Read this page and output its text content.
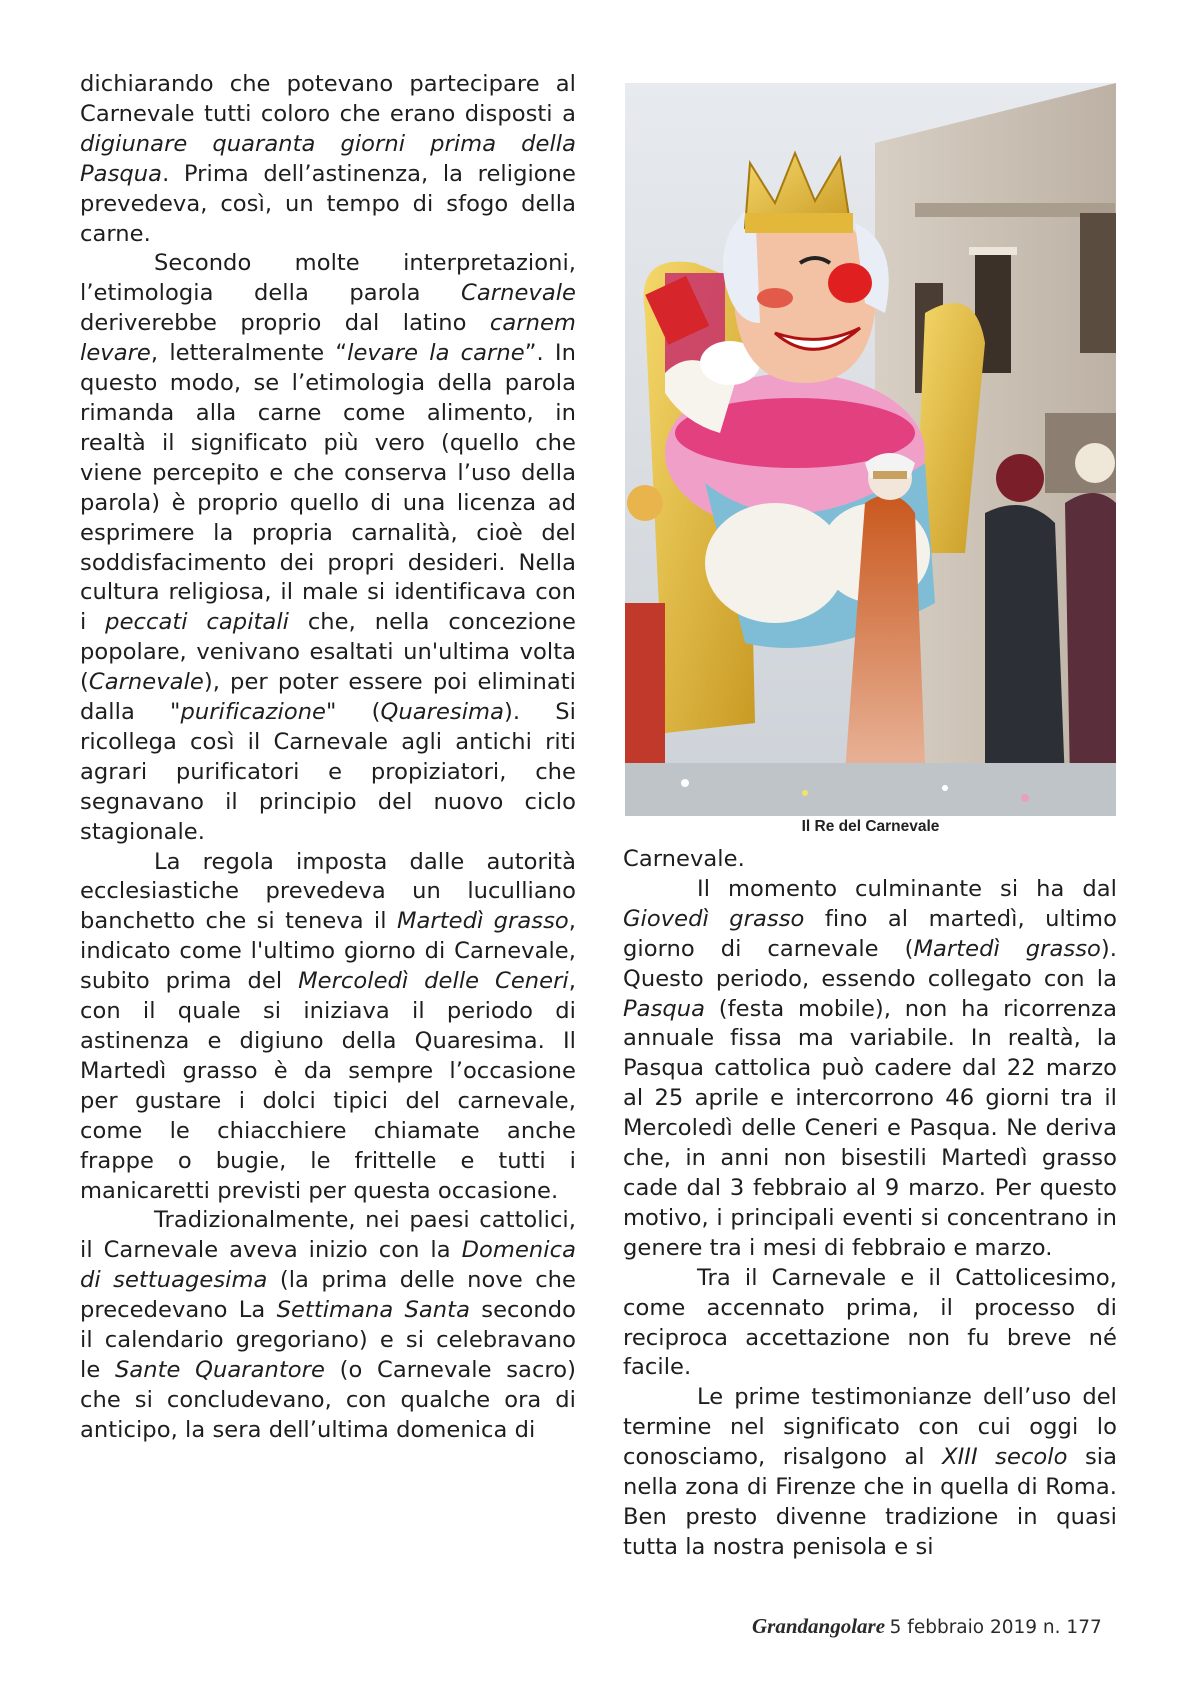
dichiarando che potevano partecipare al Carnevale tutti coloro che erano disposti a digiunare quaranta giorni prima della Pasqua. Prima dell’astinenza, la religione prevedeva, così, un tempo di sfogo della carne.

Secondo molte interpretazioni, l’etimologia della parola Carnevale deriverebbe proprio dal latino carnem levare, letteralmente “levare la carne”. In questo modo, se l’etimologia della parola rimanda alla carne come alimento, in realtà il significato più vero (quello che viene percepito e che conserva l’uso della parola) è proprio quello di una licenza ad esprimere la propria carnalità, cioè del soddisfacimento dei propri desideri. Nella cultura religiosa, il male si identificava con i peccati capitali che, nella concezione popolare, venivano esaltati un'ultima volta (Carnevale), per poter essere poi eliminati dalla "purificazione" (Quaresima). Si ricollega così il Carnevale agli antichi riti agrari purificatori e propiziatori, che segnavano il principio del nuovo ciclo stagionale.

La regola imposta dalle autorità ecclesiastiche prevedeva un luculliano banchetto che si teneva il Martedì grasso, indicato come l'ultimo giorno di Carnevale, subito prima del Mercoledì delle Ceneri, con il quale si iniziava il periodo di astinenza e digiuno della Quaresima. Il Martedì grasso è da sempre l’occasione per gustare i dolci tipici del carnevale, come le chiacchiere chiamate anche frappe o bugie, le frittelle e tutti i manicaretti previsti per questa occasione.

Tradizionalmente, nei paesi cattolici, il Carnevale aveva inizio con la Domenica di settuagesima (la prima delle nove che precedevano La Settimana Santa secondo il calendario gregoriano) e si celebravano le Sante Quarantore (o Carnevale sacro) che si concludevano, con qualche ora di anticipo, la sera dell’ultima domenica di

Il Re del Carnevale

Carnevale.

Il momento culminante si ha dal Giovedì grasso fino al martedì, ultimo giorno di carnevale (Martedì grasso). Questo periodo, essendo collegato con la Pasqua (festa mobile), non ha ricorrenza annuale fissa ma variabile. In realtà, la Pasqua cattolica può cadere dal 22 marzo al 25 aprile e intercorrono 46 giorni tra il Mercoledì delle Ceneri e Pasqua. Ne deriva che, in anni non bisestili Martedì grasso cade dal 3 febbraio al 9 marzo. Per questo motivo, i principali eventi si concentrano in genere tra i mesi di febbraio e marzo.

Tra il Carnevale e il Cattolicesimo, come accennato prima, il processo di reciproca accettazione non fu breve né facile.

Le prime testimonianze dell’uso del termine nel significato con cui oggi lo conosciamo, risalgono al XIII secolo sia nella zona di Firenze che in quella di Roma. Ben presto divenne tradizione in quasi tutta la nostra penisola e si

Grandangolare 5 febbraio 2019 n. 177
